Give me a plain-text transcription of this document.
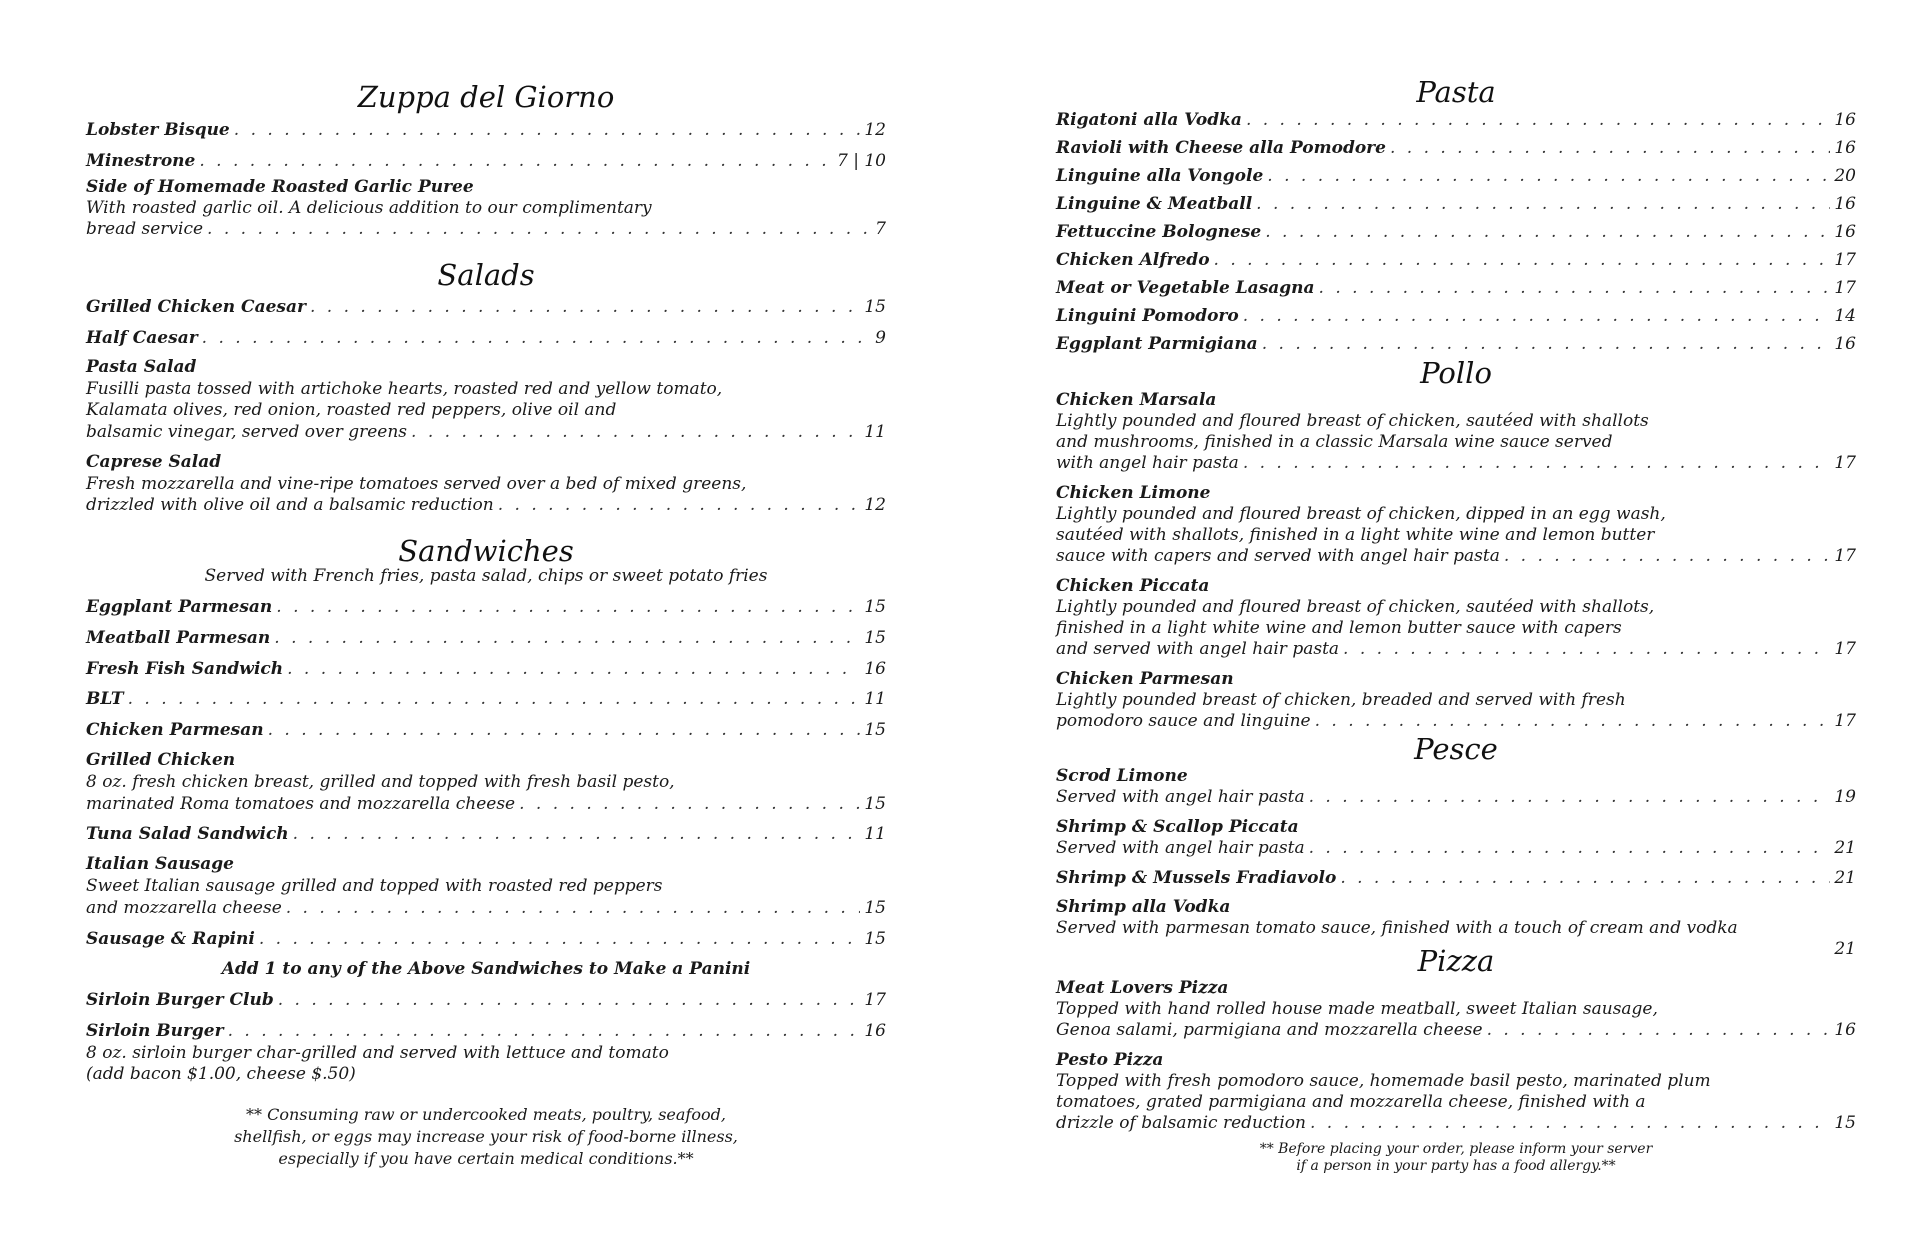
Zuppa del Giorno
Lobster Bisque . . .	12
Minestrone . . .	7 | 10
Side of Homemade Roasted Garlic Puree
With roasted garlic oil. A delicious addition to our complimentary
bread service . . .	7
Salads
Grilled Chicken Caesar . . .	15
Half Caesar . . .	9
Pasta Salad
Fusilli pasta tossed with artichoke hearts, roasted red and yellow tomato,
Kalamata olives, red onion, roasted red peppers, olive oil and
balsamic vinegar, served over greens . . .	11
Caprese Salad
Fresh mozzarella and vine-ripe tomatoes served over a bed of mixed greens,
drizzled with olive oil and a balsamic reduction . . .	12
Sandwiches
Served with French fries, pasta salad, chips or sweet potato fries
Eggplant Parmesan . . .	15
Meatball Parmesan . . .	15
Fresh Fish Sandwich . . .	16
BLT . . .	11
Chicken Parmesan . . .	15
Grilled Chicken
8 oz. fresh chicken breast, grilled and topped with fresh basil pesto,
marinated Roma tomatoes and mozzarella cheese . . .	15
Tuna Salad Sandwich . . .	11
Italian Sausage
Sweet Italian sausage grilled and topped with roasted red peppers
and mozzarella cheese . . .	15
Sausage & Rapini . . .	15
Add 1 to any of the Above Sandwiches to Make a Panini
Sirloin Burger Club . . .	17
Sirloin Burger . . .	16
8 oz. sirloin burger char-grilled and served with lettuce and tomato
(add bacon $1.00, cheese $.50)
** Consuming raw or undercooked meats, poultry, seafood,
shellfish, or eggs may increase your risk of food-borne illness,
especially if you have certain medical conditions.**
Pasta
Rigatoni alla Vodka . . .	16
Ravioli with Cheese alla Pomodore . . .	16
Linguine alla Vongole . . .	20
Linguine & Meatball . . .	16
Fettuccine Bolognese . . .	16
Chicken Alfredo . . .	17
Meat or Vegetable Lasagna . . .	17
Linguini Pomodoro . . .	14
Eggplant Parmigiana . . .	16
Pollo
Chicken Marsala
Lightly pounded and floured breast of chicken, sautéed with shallots
and mushrooms, finished in a classic Marsala wine sauce served
with angel hair pasta . . .	17
Chicken Limone
Lightly pounded and floured breast of chicken, dipped in an egg wash,
sautéed with shallots, finished in a light white wine and lemon butter
sauce with capers and served with angel hair pasta . . .	17
Chicken Piccata
Lightly pounded and floured breast of chicken, sautéed with shallots,
finished in a light white wine and lemon butter sauce with capers
and served with angel hair pasta . . .	17
Chicken Parmesan
Lightly pounded breast of chicken, breaded and served with fresh
pomodoro sauce and linguine . . .	17
Pesce
Scrod Limone
Served with angel hair pasta . . .	19
Shrimp & Scallop Piccata
Served with angel hair pasta . . .	21
Shrimp & Mussels Fradiavolo . . .	21
Shrimp alla Vodka
Served with parmesan tomato sauce, finished with a touch of cream and vodka
21
Pizza
Meat Lovers Pizza
Topped with hand rolled house made meatball, sweet Italian sausage,
Genoa salami, parmigiana and mozzarella cheese . . .	16
Pesto Pizza
Topped with fresh pomodoro sauce, homemade basil pesto, marinated plum
tomatoes, grated parmigiana and mozzarella cheese, finished with a
drizzle of balsamic reduction . . .	15
** Before placing your order, please inform your server
if a person in your party has a food allergy.**
